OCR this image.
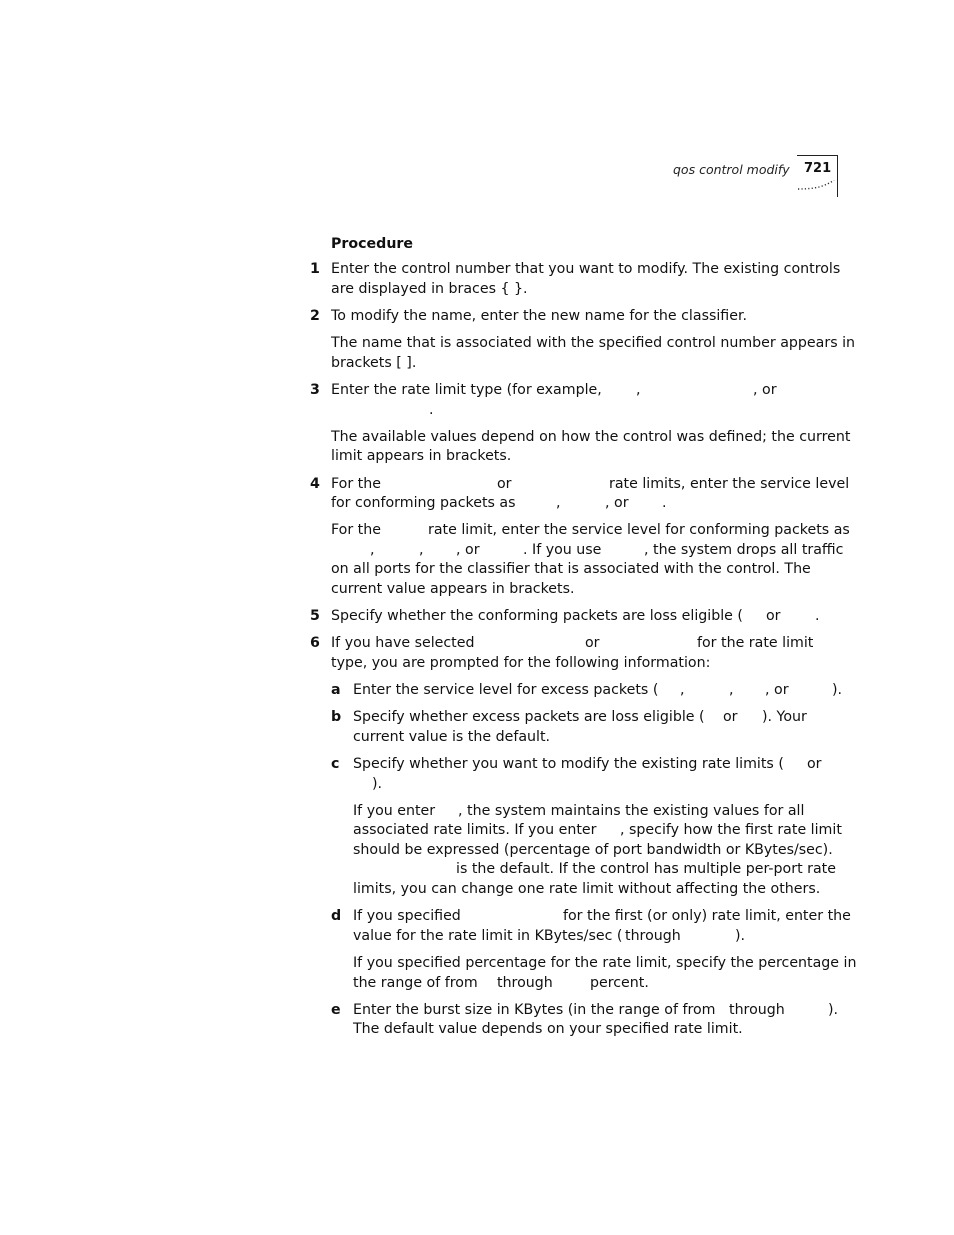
qos control modify 721
Procedure
1 Enter the control number that you want to modify. The existing controls
are displayed in braces { }.
2 To modify the name, enter the new name for the classifier.
The name that is associated with the specified control number appears in
brackets [ ].
3 Enter the rate limit type (for example, ,	, or
.
The available values depend on how the control was defined; the current
limit appears in brackets.
4 For the	or	rate limits, enter the service level
for conforming packets as	,	, or .
For the	rate limit, enter the service level for conforming packets as
,	, , or	. If you use	, the system drops all traffic
on all ports for the classifier that is associated with the control. The
current value appears in brackets.
5 Specify whether the conforming packets are loss eligible ( or .
6 If you have selected	or	for the rate limit
type, you are prompted for the following information:
a Enter the service level for excess packets ( ,	, , or	).
b Specify whether excess packets are loss eligible ( or ). Your
current value is the default.
c Specify whether you want to modify the existing rate limits ( or
).
If you enter , the system maintains the existing values for all
associated rate limits. If you enter , specify how the first rate limit
should be expressed (percentage of port bandwidth or KBytes/sec).
is the default. If the control has multiple per-port rate
limits, you can change one rate limit without affecting the others.
d If you specified	for the first (or only) rate limit, enter the
value for the rate limit in KBytes/sec ( through	).
If you specified percentage for the rate limit, specify the percentage in
the range of from through	percent.
e Enter the burst size in KBytes (in the range of from through	).
The default value depends on your specified rate limit.
